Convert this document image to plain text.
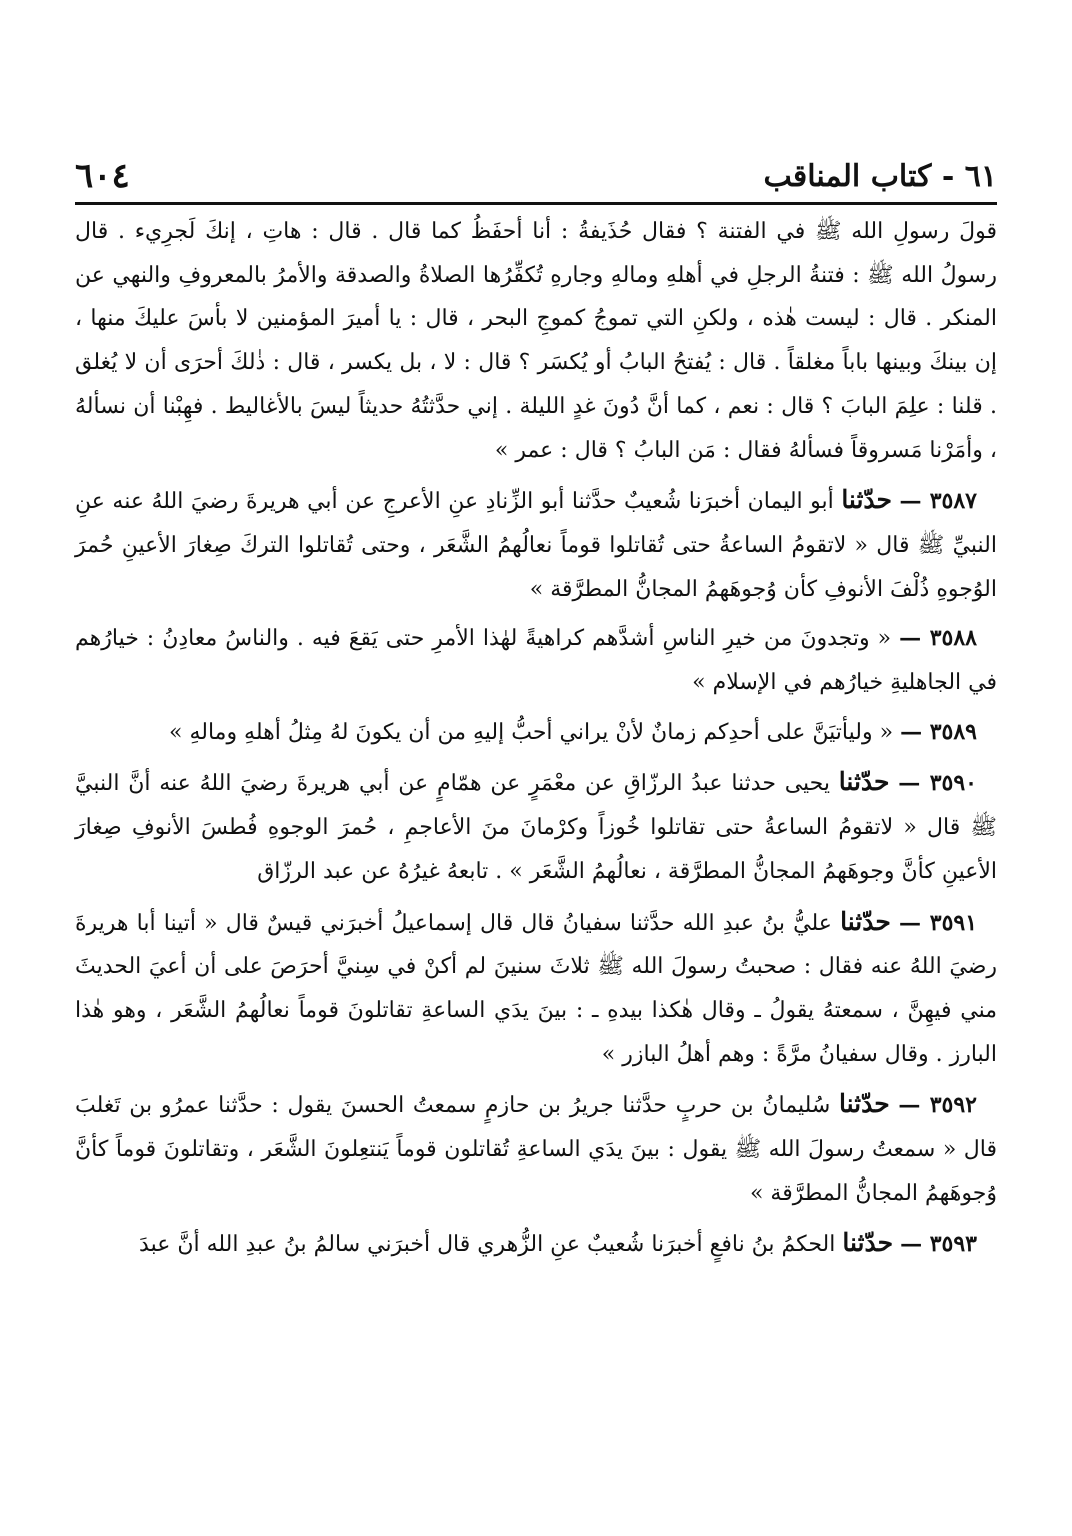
٦١ - كتاب المناقب
٦٠٤

قولَ رسولِ الله ﷺ في الفتنة ؟ فقال حُذَيفةُ : أنا أحفَظُ كما قال . قال : هاتِ ، إنكَ لَجرِيء . قال رسولُ الله ﷺ : فتنةُ الرجلِ في أهلهِ ومالهِ وجارهِ تُكفِّرُها الصلاةُ والصدقة والأمرُ بالمعروفِ والنهي عن المنكر . قال : ليست هٰذه ، ولكنِ التي تموجُ كموجِ البحر ، قال : يا أميرَ المؤمنين لا بأسَ عليكَ منها ، إن بينكَ وبينها باباً مغلقاً . قال : يُفتحُ البابُ أو يُكسَر ؟ قال : لا ، بل يكسر ، قال : ذٰلكَ أحرَى أن لا يُغلق . قلنا : علِمَ البابَ ؟ قال : نعم ، كما أنَّ دُونَ غدٍ الليلة . إني حدَّثتُهُ حديثاً ليسَ بالأغاليط . فهِبْنا أن نسألهُ ، وأمَرْنا مَسروقاً فسألهُ فقال : مَن البابُ ؟ قال : عمر »

٣٥٨٧ — حدّثنا أبو اليمان أخبرَنا شُعيبٌ حدَّثنا أبو الزِّنادِ عنِ الأعرجِ عن أبي هريرةَ رضيَ اللهُ عنه عنِ النبيِّ ﷺ قال « لاتقومُ الساعةُ حتى تُقاتلوا قوماً نعالُهمُ الشَّعَر ، وحتى تُقاتلوا التركَ صِغارَ الأعينِ حُمرَ الوُجوهِ ذُلْفَ الأنوفِ كأن وُجوهَهمُ المجانُّ المطرَّقة »

٣٥٨٨ — « وتجدونَ من خيرِ الناسِ أشدَّهم كراهيةً لهٰذا الأمرِ حتى يَقعَ فيه . والناسُ معادِنُ : خيارُهم في الجاهليةِ خيارُهم في الإسلام »

٣٥٨٩ — « وليأتيَنَّ على أحدِكم زمانٌ لأنْ يراني أحبُّ إليهِ من أن يكونَ لهُ مِثلُ أهلهِ ومالهِ »

٣٥٩٠ — حدّثنا يحيى حدثنا عبدُ الرزّاقِ عن معْمَرٍ عن همّامٍ عن أبي هريرةَ رضيَ اللهُ عنه أنَّ النبيَّ ﷺ قال « لاتقومُ الساعةُ حتى تقاتلوا خُوزاً وكرْمانَ منَ الأعاجمِ ، حُمرَ الوجوهِ فُطسَ الأنوفِ صِغارَ الأعينِ كأنَّ وجوهَهمُ المجانُّ المطرَّقة ، نعالُهمُ الشَّعَر » . تابعهُ غيرُهُ عن عبد الرزّاق

٣٥٩١ — حدّثنا عليُّ بنُ عبدِ الله حدَّثنا سفيانُ قال قال إسماعيلُ أخبرَني قيسٌ قال « أتينا أبا هريرةَ رضيَ اللهُ عنه فقال : صحبتُ رسولَ الله ﷺ ثلاثَ سنينَ لم أكنْ في سِنيَّ أحرَصَ على أن أعيَ الحديثَ مني فيهِنَّ ، سمعتهُ يقولُ ـ وقال هٰكذا بيدهِ ـ : بينَ يدَي الساعةِ تقاتلونَ قوماً نعالُهمُ الشَّعَر ، وهو هٰذا البارز . وقال سفيانُ مرَّةً : وهم أهلُ البازر »

٣٥٩٢ — حدّثنا سُليمانُ بن حربٍ حدَّثنا جريرُ بن حازمٍ سمعتُ الحسنَ يقول : حدَّثنا عمرُو بن تَغلبَ قال « سمعتُ رسولَ الله ﷺ يقول : بينَ يدَي الساعةِ تُقاتلون قوماً يَنتعِلونَ الشَّعَر ، وتقاتلونَ قوماً كأنَّ وُجوهَهمُ المجانُّ المطرَّقة »

٣٥٩٣ — حدّثنا الحكمُ بنُ نافعٍ أخبرَنا شُعيبٌ عنِ الزُّهري قال أخبرَني سالمُ بنُ عبدِ الله أنَّ عبدَ
